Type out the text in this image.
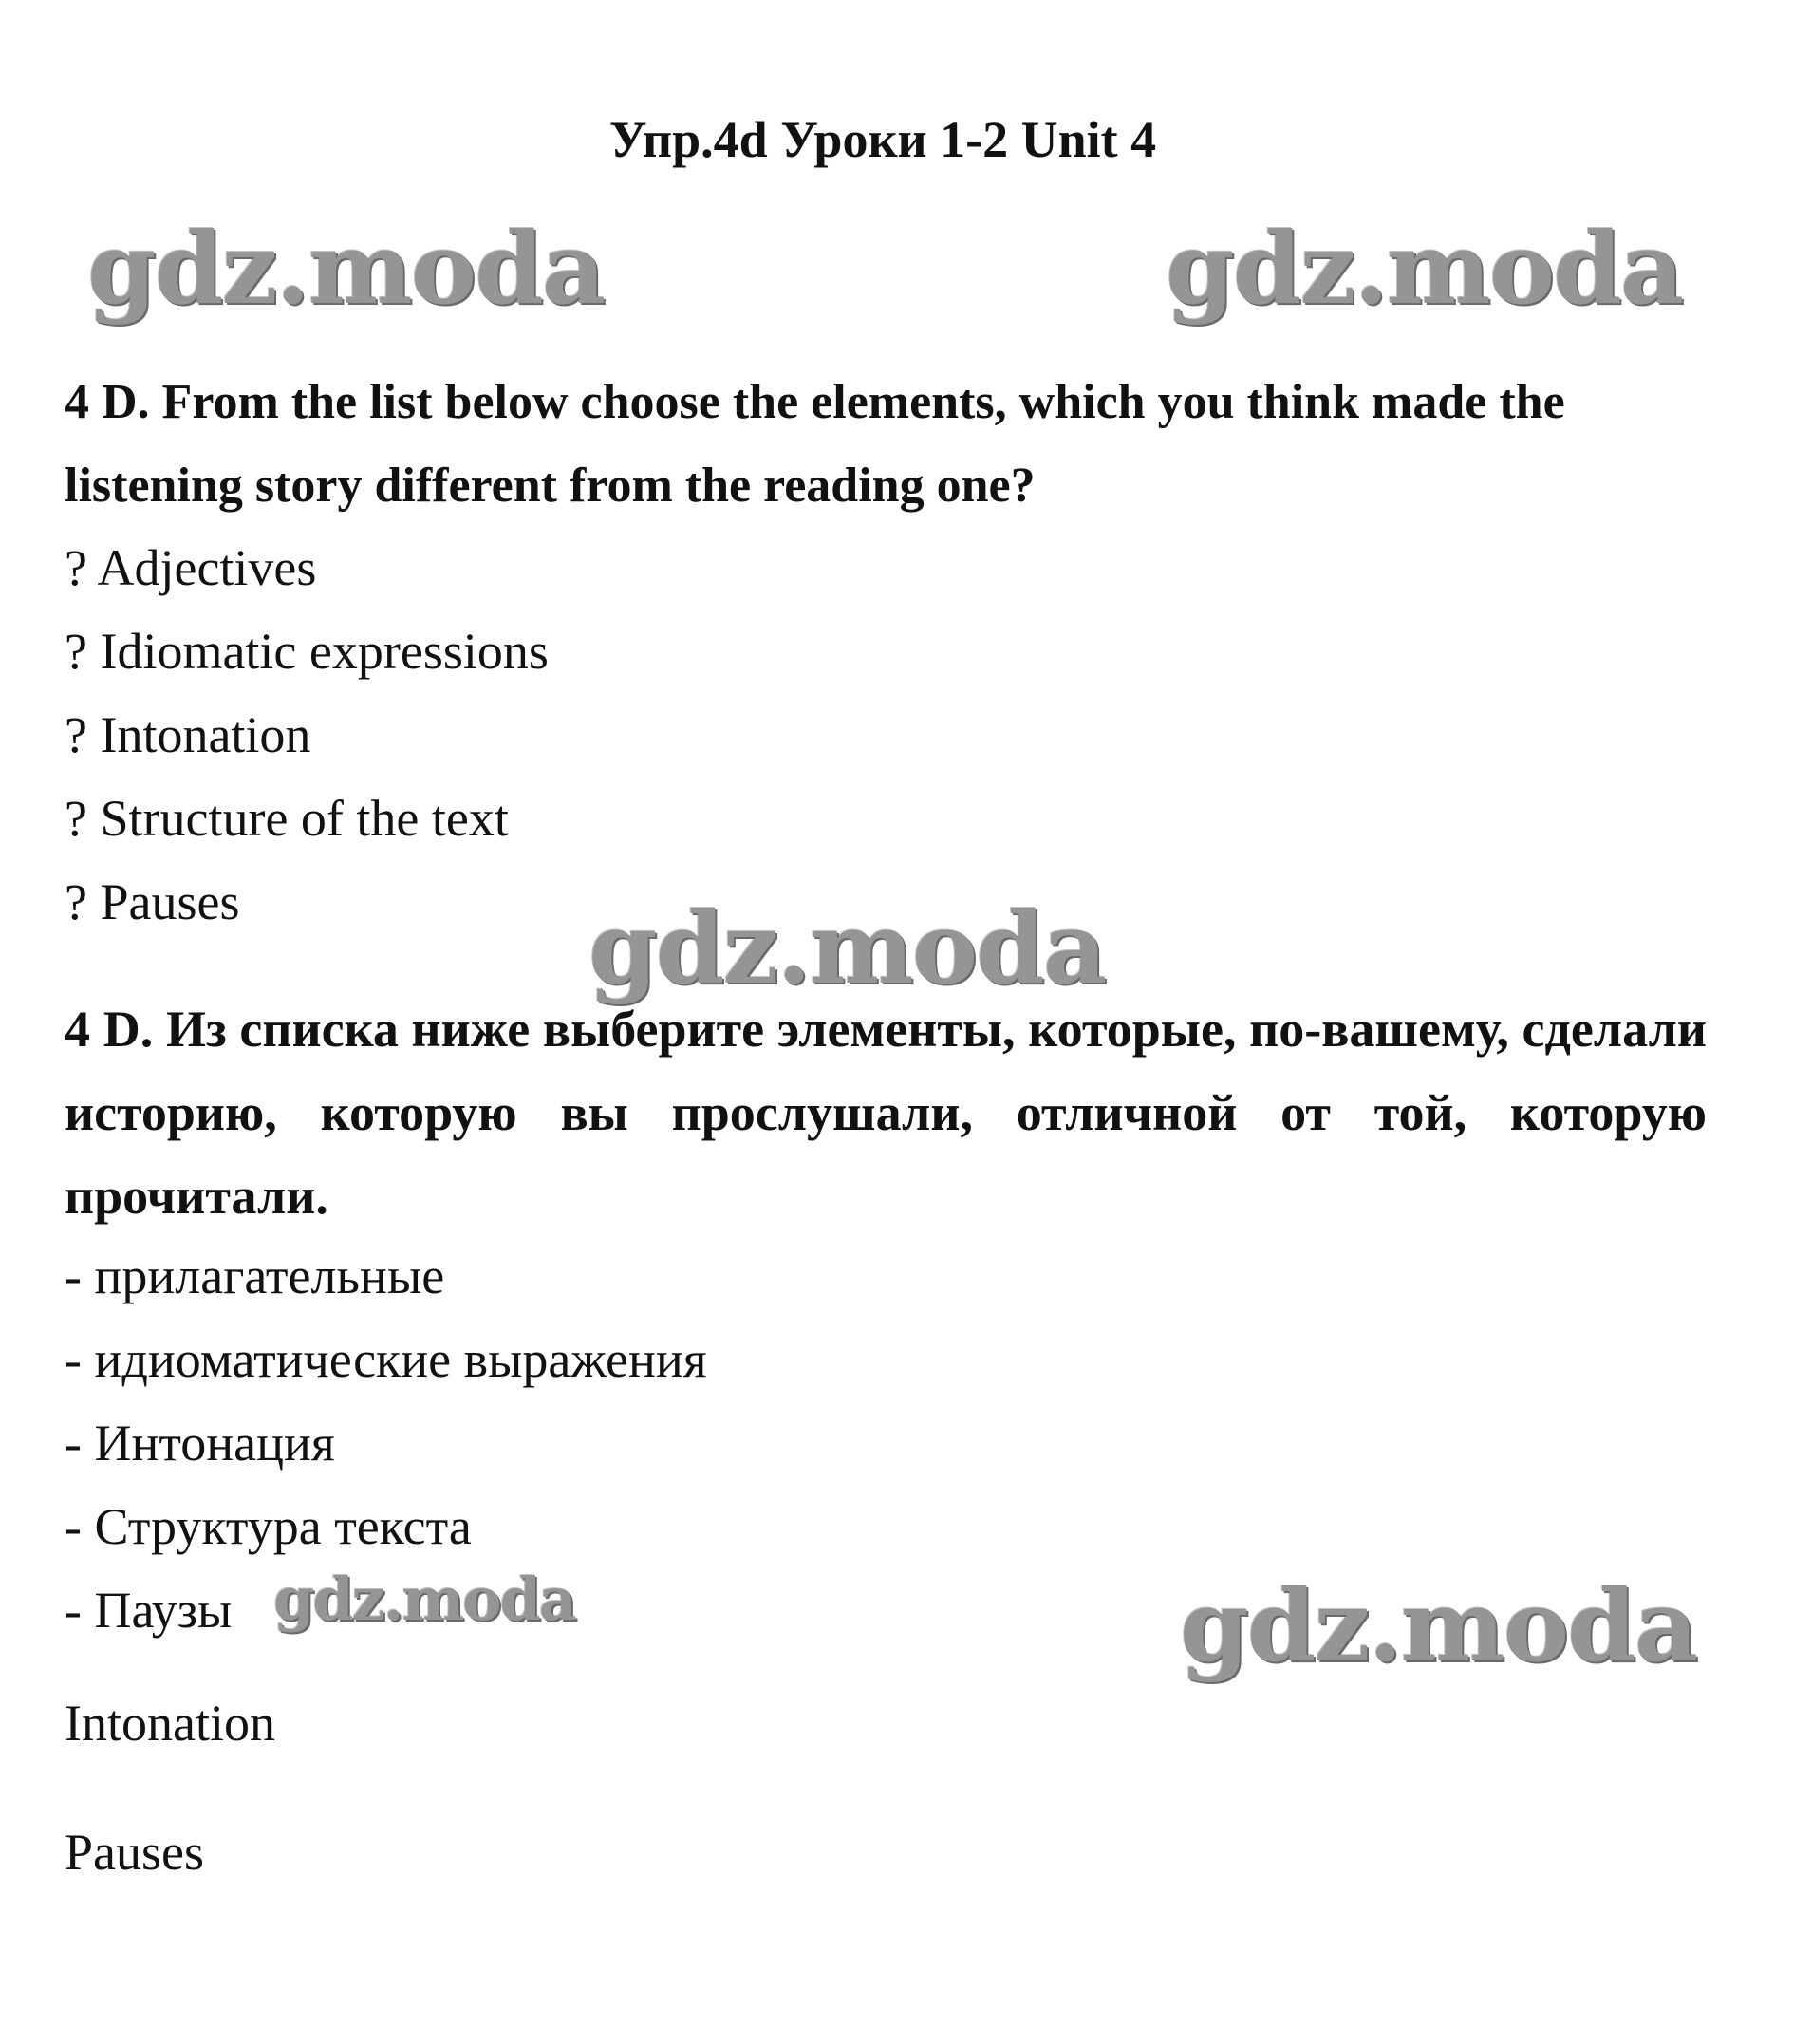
Упр.4d Уроки 1-2 Unit 4
gdz.moda	gdz.moda
4 D. From the list below choose the elements, which you think made the listening story different from the reading one?
? Adjectives
? Idiomatic expressions
? Intonation
? Structure of the text
? Pauses	gdz.moda
4 D. Из списка ниже выберите элементы, которые, по-вашему, сделали историю, которую вы прослушали, отличной от той, которую прочитали.
- прилагательные
- идиоматические выражения
- Интонация
- Структура текста
- Паузы gdz.moda	gdz.moda

Intonation

Pauses
